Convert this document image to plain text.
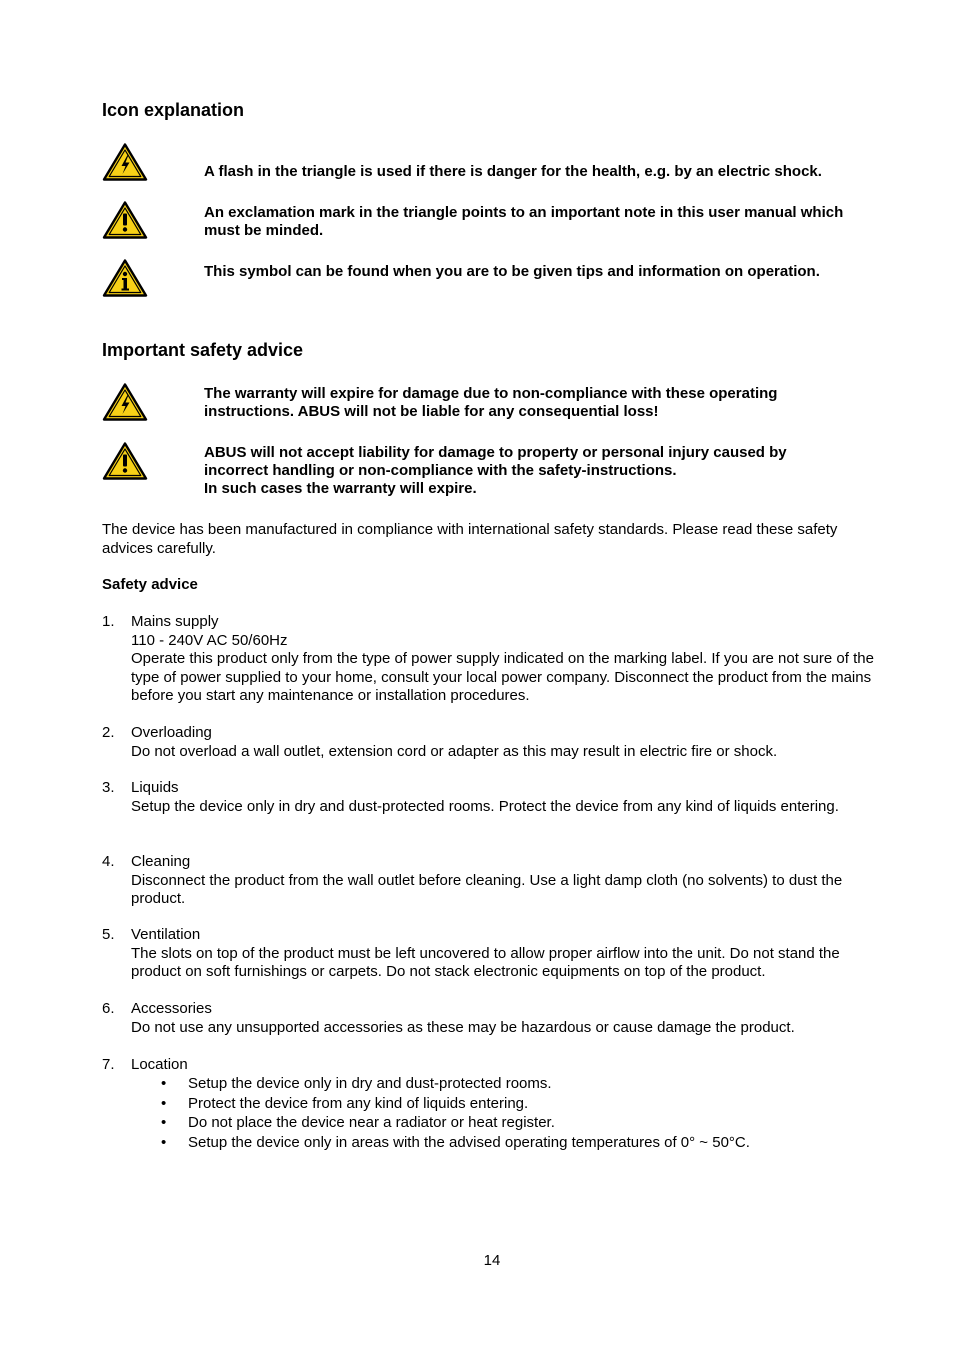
Icon explanation
A flash in the triangle is used if there is danger for the health, e.g. by an electric shock.
An exclamation mark in the triangle points to an important note in this user manual which must be minded.
This symbol can be found when you are to be given tips and information on operation.
Important safety advice
The warranty will expire for damage due to non-compliance with these operating
instructions. ABUS will not be liable for any consequential loss!
ABUS will not accept liability for damage to property or personal injury caused by
incorrect handling or non-compliance with the safety-instructions.
In such cases the warranty will expire.
The device has been manufactured in compliance with international safety standards. Please read these safety advices carefully.
Safety advice
1. Mains supply
110 - 240V AC 50/60Hz
Operate this product only from the type of power supply indicated on the marking label. If you are not sure of the type of power supplied to your home, consult your local power company. Disconnect the product from the mains before you start any maintenance or installation procedures.
2. Overloading
Do not overload a wall outlet, extension cord or adapter as this may result in electric fire or shock.
3. Liquids
Setup the device only in dry and dust-protected rooms. Protect the device from any kind of liquids entering.
4. Cleaning
Disconnect the product from the wall outlet before cleaning. Use a light damp cloth (no solvents) to dust the product.
5. Ventilation
The slots on top of the product must be left uncovered to allow proper airflow into the unit. Do not stand the product on soft furnishings or carpets. Do not stack electronic equipments on top of the product.
6. Accessories
Do not use any unsupported accessories as these may be hazardous or cause damage the product.
7. Location
• Setup the device only in dry and dust-protected rooms.
• Protect the device from any kind of liquids entering.
• Do not place the device near a radiator or heat register.
• Setup the device only in areas with the advised operating temperatures of 0° ~ 50°C.
14
